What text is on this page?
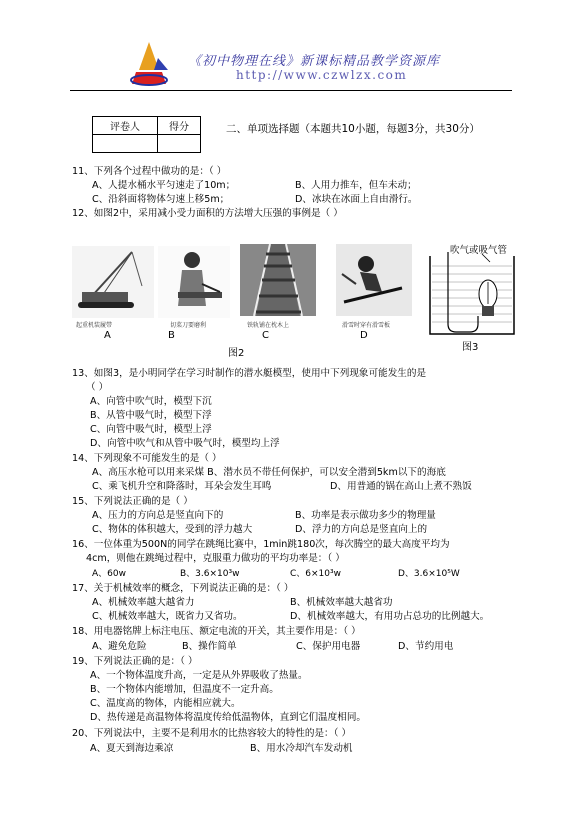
《初中物理在线》新课标精品教学资源库
http://www.czwlzx.com
评卷人	得分
		二、单项选择题（本题共10小题，每题3分，共30分）
11、下列各个过程中做功的是：（ ）
A、人提水桶水平匀速走了10m；	B、人用力推车，但车未动；
C、沿斜面将物体匀速上移5m；	D、冰块在冰面上自由滑行。
12、如图2中，采用减小受力面积的方法增大压强的事例是（ ）
起重机装履带	切菜刀要磨利	铁轨铺在枕木上	滑雪时穿有滑雪板
吹气或吸气管
图3
A	B	C	D
图2
13、如图3，是小明同学在学习时制作的潜水艇模型，使用中下列现象可能发生的是
（ ）
A、向管中吹气时，模型下沉
B、从管中吸气时，模型下浮
C、向管中吸气时，模型上浮
D、向管中吹气和从管中吸气时，模型均上浮
14、下列现象不可能发生的是（ ）
A、高压水枪可以用来采煤 B、潜水员不带任何保护，可以安全潜到5km以下的海底
C、乘飞机升空和降落时，耳朵会发生耳鸣	D、用普通的锅在高山上煮不熟饭
15、下列说法正确的是（ ）
A、压力的方向总是竖直向下的	B、功率是表示做功多少的物理量
C、物体的体积越大，受到的浮力越大	D、浮力的方向总是竖直向上的
16、一位体重为500N的同学在跳绳比赛中，1min跳180次，每次腾空的最大高度平均为
4cm，则他在跳绳过程中，克服重力做功的平均功率是：（ ）
A、60w	B、3.6×10³w	C、6×10³w	D、3.6×10⁵W
17、关于机械效率的概念，下列说法正确的是：（ ）
A、机械效率越大越省力	B、机械效率越大越省功
C、机械效率越大，既省力又省功。	D、机械效率越大，有用功占总功的比例越大。
18、用电器铭牌上标注电压、额定电流的开关，其主要作用是：（ ）
A、避免危险	B、操作简单	C、保护用电器	D、节约用电
19、下列说法正确的是：（ ）
A、一个物体温度升高，一定是从外界吸收了热量。
B、一个物体内能增加，但温度不一定升高。
C、温度高的物体，内能相应就大。
D、热传递是高温物体将温度传给低温物体，直到它们温度相同。
20、下列说法中，主要不是利用水的比热容较大的特性的是：（ ）
A、夏天到海边乘凉	B、用水冷却汽车发动机
